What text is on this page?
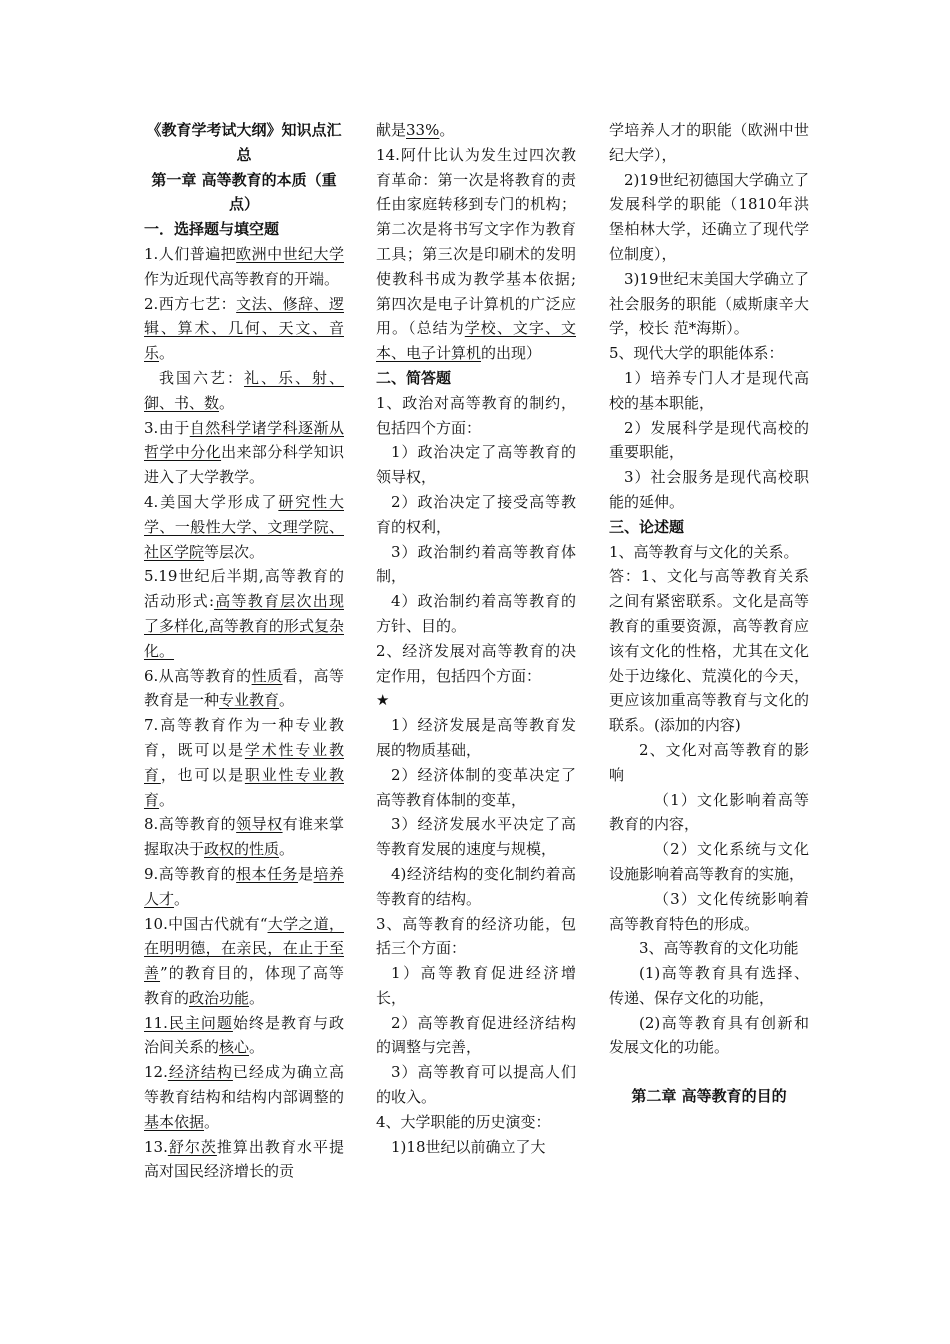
《教育学考试大纲》知识点汇总

第一章 高等教育的本质（重点）

一．选择题与填空题

1.人们普遍把欧洲中世纪大学作为近现代高等教育的开端。

2.西方七艺：文法、修辞、逻辑、算术、几何、天文、音乐。

我国六艺：礼、乐、射、御、书、数。

3.由于自然科学诸学科逐渐从哲学中分化出来部分科学知识进入了大学教学。

4.美国大学形成了研究性大学、一般性大学、文理学院、社区学院等层次。

5.19世纪后半期,高等教育的活动形式:高等教育层次出现了多样化,高等教育的形式复杂化。

6.从高等教育的性质看，高等教育是一种专业教育。

7.高等教育作为一种专业教育，既可以是学术性专业教育，也可以是职业性专业教育。

8.高等教育的领导权有谁来掌握取决于政权的性质。

9.高等教育的根本任务是培养人才。

10.中国古代就有“大学之道，在明明德，在亲民，在止于至善”的教育目的，体现了高等教育的政治功能。

11.民主问题始终是教育与政治间关系的核心。

12.经济结构已经成为确立高等教育结构和结构内部调整的基本依据。

13.舒尔茨推算出教育水平提高对国民经济增长的贡

献是33%。

14.阿什比认为发生过四次教育革命：第一次是将教育的责任由家庭转移到专门的机构；第二次是将书写文字作为教育工具；第三次是印刷术的发明使教科书成为教学基本依据;第四次是电子计算机的广泛应用。（总结为学校、文字、文本、电子计算机的出现）

二、简答题

1、政治对高等教育的制约，包括四个方面：

1）政治决定了高等教育的领导权，

2）政治决定了接受高等教育的权利，

3）政治制约着高等教育体制，

4）政治制约着高等教育的方针、目的。

2、经济发展对高等教育的决定作用，包括四个方面：

★

1）经济发展是高等教育发展的物质基础，

2）经济体制的变革决定了高等教育体制的变革，

3）经济发展水平决定了高等教育发展的速度与规模，

4)经济结构的变化制约着高等教育的结构。

3、高等教育的经济功能，包括三个方面：

1）高等教育促进经济增长，

2）高等教育促进经济结构的调整与完善，

3）高等教育可以提高人们的收入。

4、大学职能的历史演变：

1)18世纪以前确立了大

学培养人才的职能（欧洲中世纪大学），

2)19世纪初德国大学确立了发展科学的职能（1810年洪堡柏林大学，还确立了现代学位制度），

3)19世纪末美国大学确立了社会服务的职能（威斯康辛大学，校长 范*海斯）。

5、现代大学的职能体系：

1）培养专门人才是现代高校的基本职能，

2）发展科学是现代高校的重要职能，

3）社会服务是现代高校职能的延伸。

三、论述题

1、高等教育与文化的关系。

答：1、文化与高等教育关系之间有紧密联系。文化是高等教育的重要资源，高等教育应该有文化的性格，尤其在文化处于边缘化、荒漠化的今天，更应该加重高等教育与文化的联系。(添加的内容)

2、文化对高等教育的影响

（1）文化影响着高等教育的内容，

（2）文化系统与文化设施影响着高等教育的实施，

（3）文化传统影响着高等教育特色的形成。

3、高等教育的文化功能

(1)高等教育具有选择、传递、保存文化的功能，

(2)高等教育具有创新和发展文化的功能。

第二章 高等教育的目的
